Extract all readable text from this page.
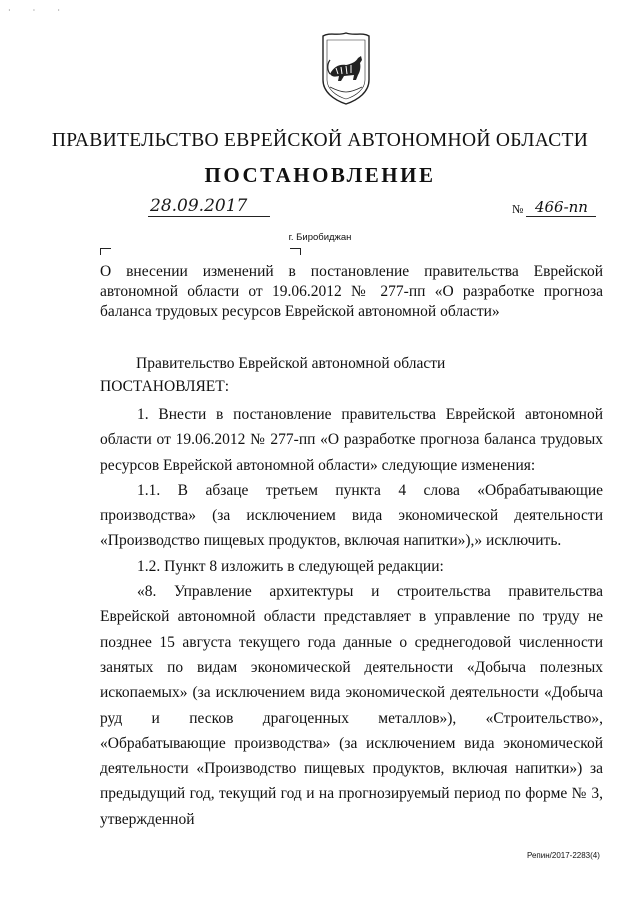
· · ·
ПРАВИТЕЛЬСТВО ЕВРЕЙСКОЙ АВТОНОМНОЙ ОБЛАСТИ
ПОСТАНОВЛЕНИЕ
28.09.2017	№ 466-пп
г. Биробиджан
О внесении изменений в постановление правительства Еврейской автономной области от 19.06.2012 № 277-пп «О разработке прогноза баланса трудовых ресурсов Еврейской автономной области»
Правительство Еврейской автономной области
ПОСТАНОВЛЯЕТ:

1. Внести в постановление правительства Еврейской автономной области от 19.06.2012 № 277-пп «О разработке прогноза баланса трудовых ресурсов Еврейской автономной области» следующие изменения:

1.1. В абзаце третьем пункта 4 слова «Обрабатывающие производства» (за исключением вида экономической деятельности «Производство пищевых продуктов, включая напитки»),» исключить.

1.2. Пункт 8 изложить в следующей редакции:

«8. Управление архитектуры и строительства правительства Еврейской автономной области представляет в управление по труду не позднее 15 августа текущего года данные о среднегодовой численности занятых по видам экономической деятельности «Добыча полезных ископаемых» (за исключением вида экономической деятельности «Добыча руд и песков драгоценных металлов»), «Строительство», «Обрабатывающие производства» (за исключением вида экономической деятельности «Производство пищевых продуктов, включая напитки») за предыдущий год, текущий год и на прогнозируемый период по форме № 3, утвержденной

Репин/2017-2283(4)
